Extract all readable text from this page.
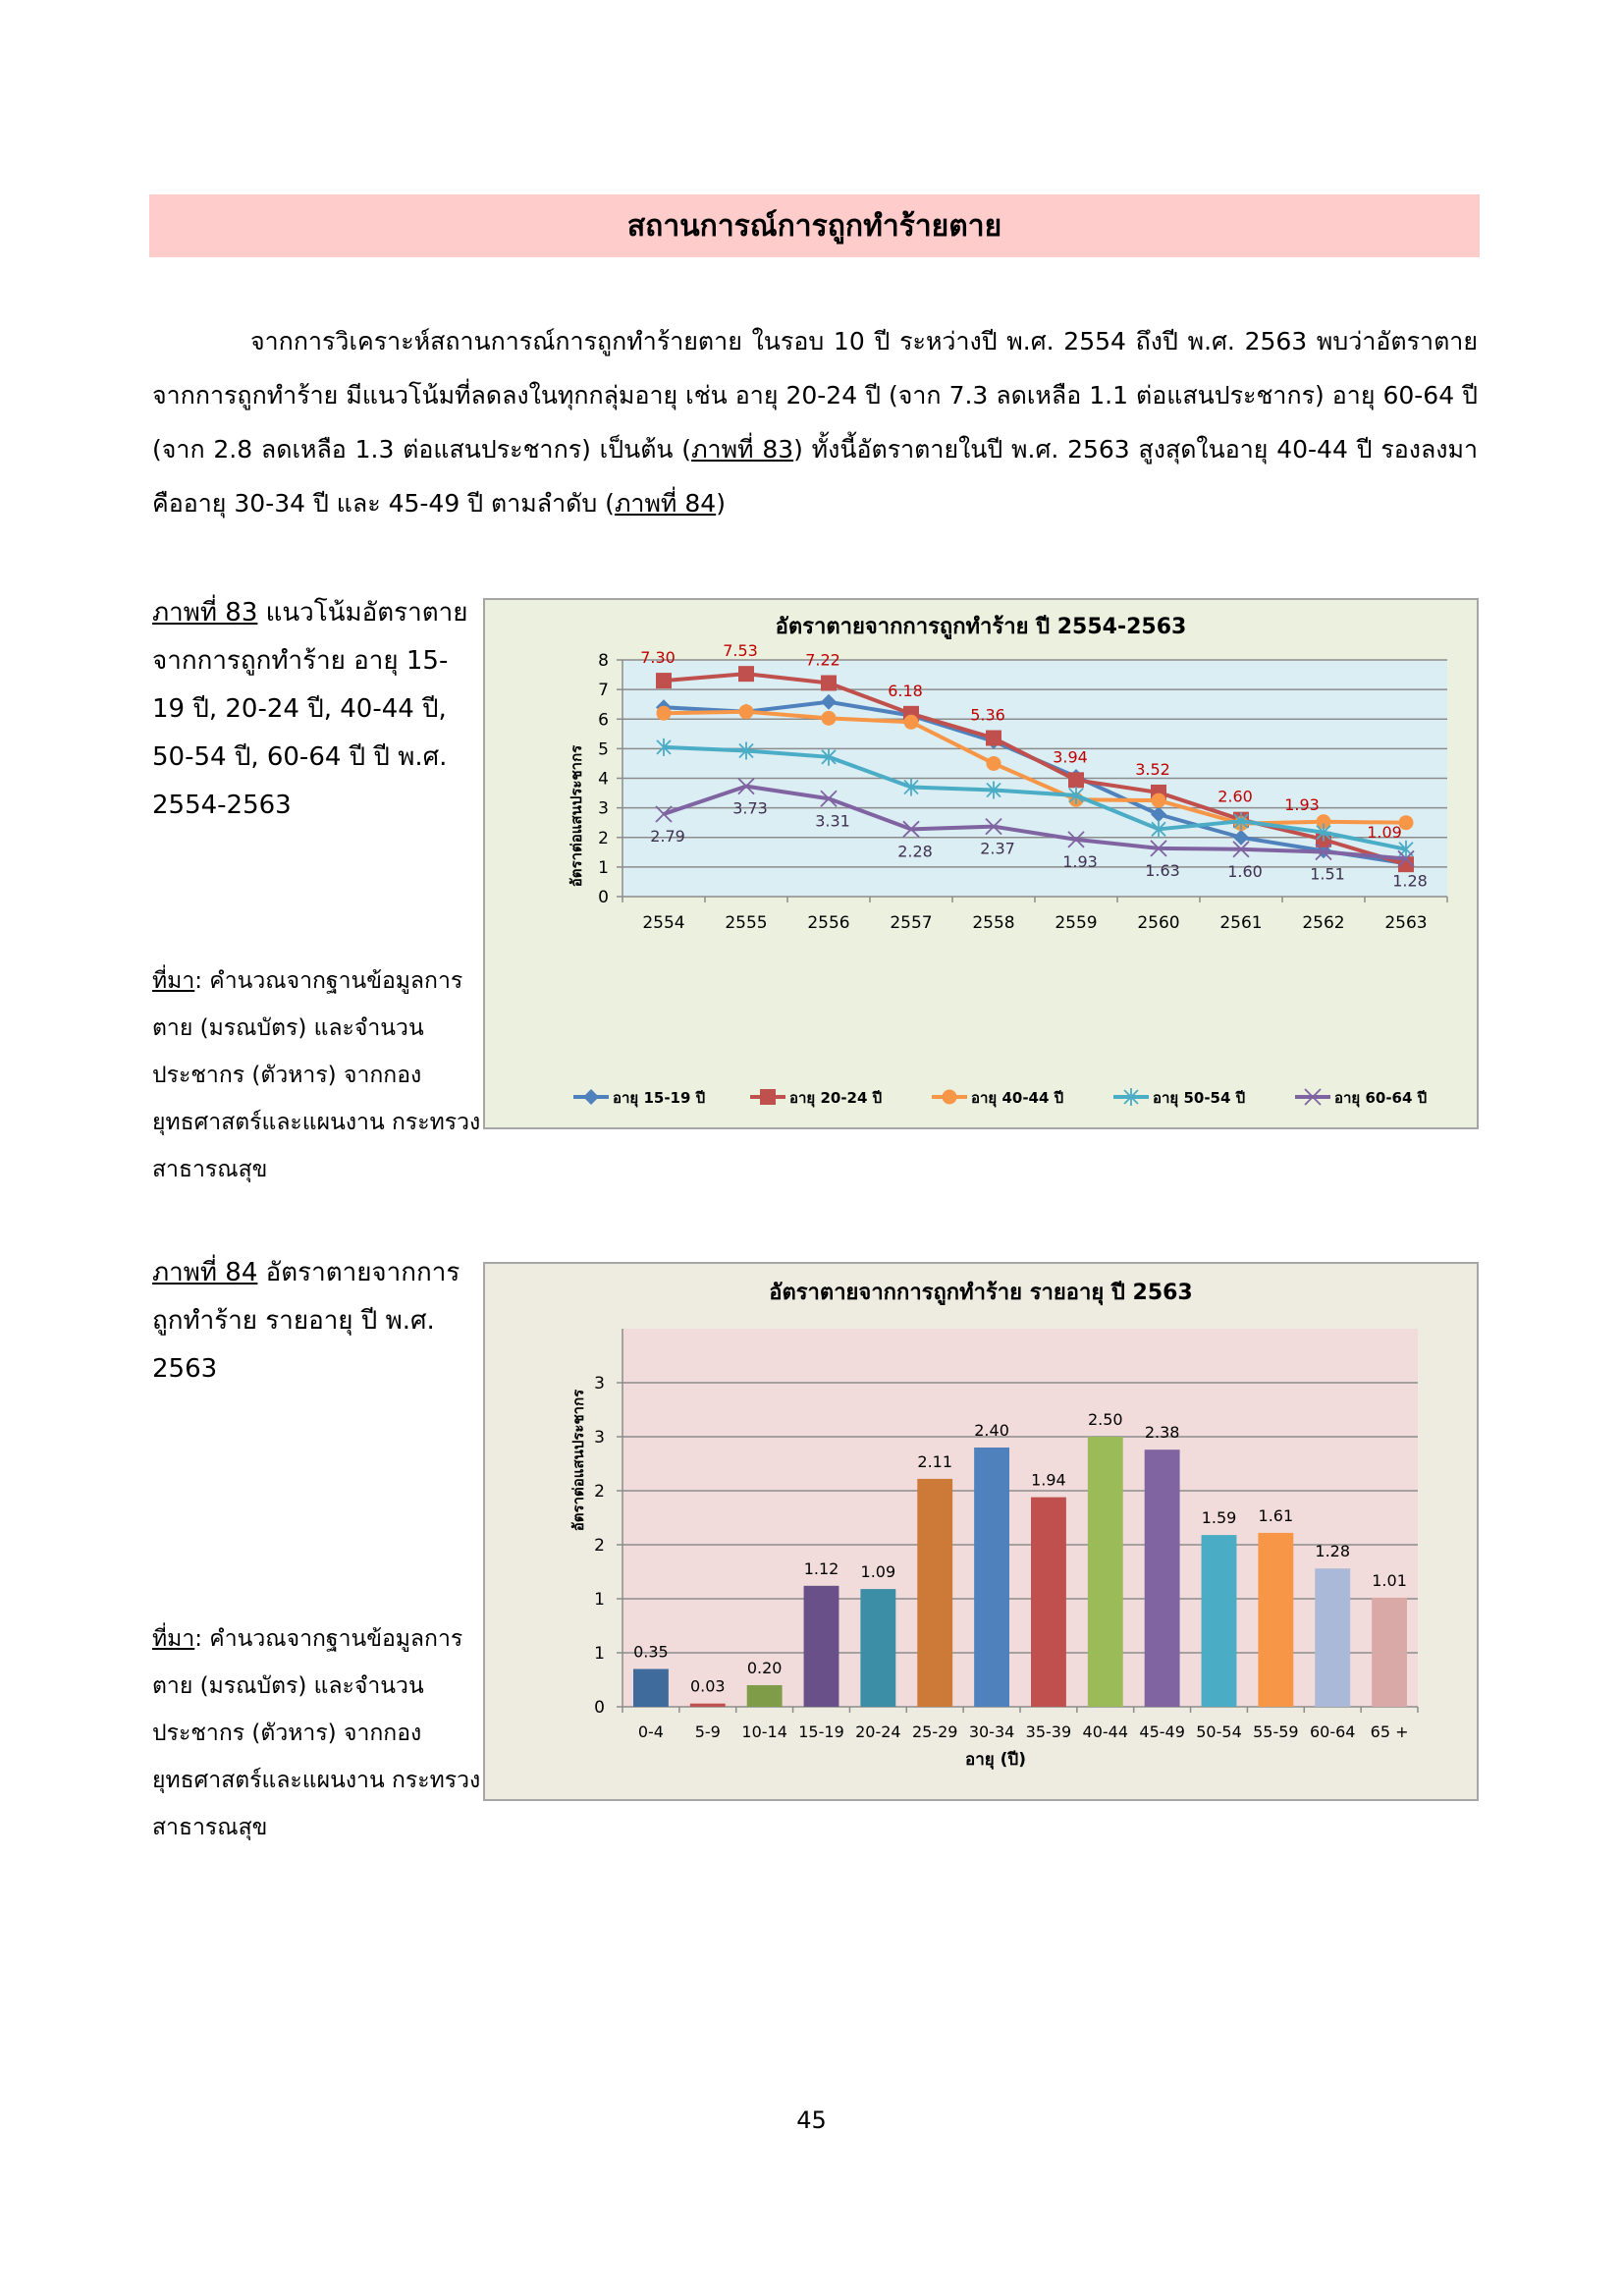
สถานการณ์การถูกทำร้ายตาย

จากการวิเคราะห์สถานการณ์การถูกทำร้ายตาย ในรอบ 10 ปี ระหว่างปี พ.ศ. 2554 ถึงปี พ.ศ. 2563 พบว่าอัตราตายจากการถูกทำร้าย มีแนวโน้มที่ลดลงในทุกกลุ่มอายุ เช่น อายุ 20-24 ปี (จาก 7.3 ลดเหลือ 1.1 ต่อแสนประชากร) อายุ 60-64 ปี (จาก 2.8 ลดเหลือ 1.3 ต่อแสนประชากร) เป็นต้น (ภาพที่ 83) ทั้งนี้อัตราตายในปี พ.ศ. 2563 สูงสุดในอายุ 40-44 ปี รองลงมาคืออายุ 30-34 ปี และ 45-49 ปี ตามลำดับ (ภาพที่ 84)

ภาพที่ 83 แนวโน้มอัตราตายจากการถูกทำร้าย อายุ 15-19 ปี, 20-24 ปี, 40-44 ปี, 50-54 ปี, 60-64 ปี ปี พ.ศ. 2554-2563
ที่มา: คำนวณจากฐานข้อมูลการตาย (มรณบัตร) และจำนวนประชากร (ตัวหาร) จากกองยุทธศาสตร์และแผนงาน กระทรวงสาธารณสุข
อัตราตายจากการถูกทำร้าย ปี 2554-2563
อัตราต่อแสนประชากร
0
1
2
3
4
5
6
7
8
2554 2555 2556 2557 2558 2559 2560 2561 2562 2563
7.30	7.53	7.22
6.18
5.36
3.94
3.52
2.60 1.93
1.09
2.79
3.73
3.31
2.28	2.37
1.93	1.63	1.60	1.51	1.28
อายุ 15-19 ปี	อายุ 20-24 ปี	อายุ 40-44 ปี	อายุ 50-54 ปี	อายุ 60-64 ปี
ภาพที่ 84 อัตราตายจากการถูกทำร้าย รายอายุ ปี พ.ศ. 2563
ที่มา: คำนวณจากฐานข้อมูลการตาย (มรณบัตร) และจำนวนประชากร (ตัวหาร) จากกองยุทธศาสตร์และแผนงาน กระทรวงสาธารณสุข
อัตราตายจากการถูกทำร้าย รายอายุ ปี 2563
อัตราต่อแสนประชากร
อายุ (ปี)
0
1
1
2
2
3
3
0.35
0-4
0.03
5-9
0.20
10-14
1.12
15-19
1.09
20-24
2.11
25-29
2.40
30-34
1.94
35-39
2.50
40-44
2.38
45-49
1.59
50-54
1.61
55-59
1.28
60-64
1.01
65 +
45
